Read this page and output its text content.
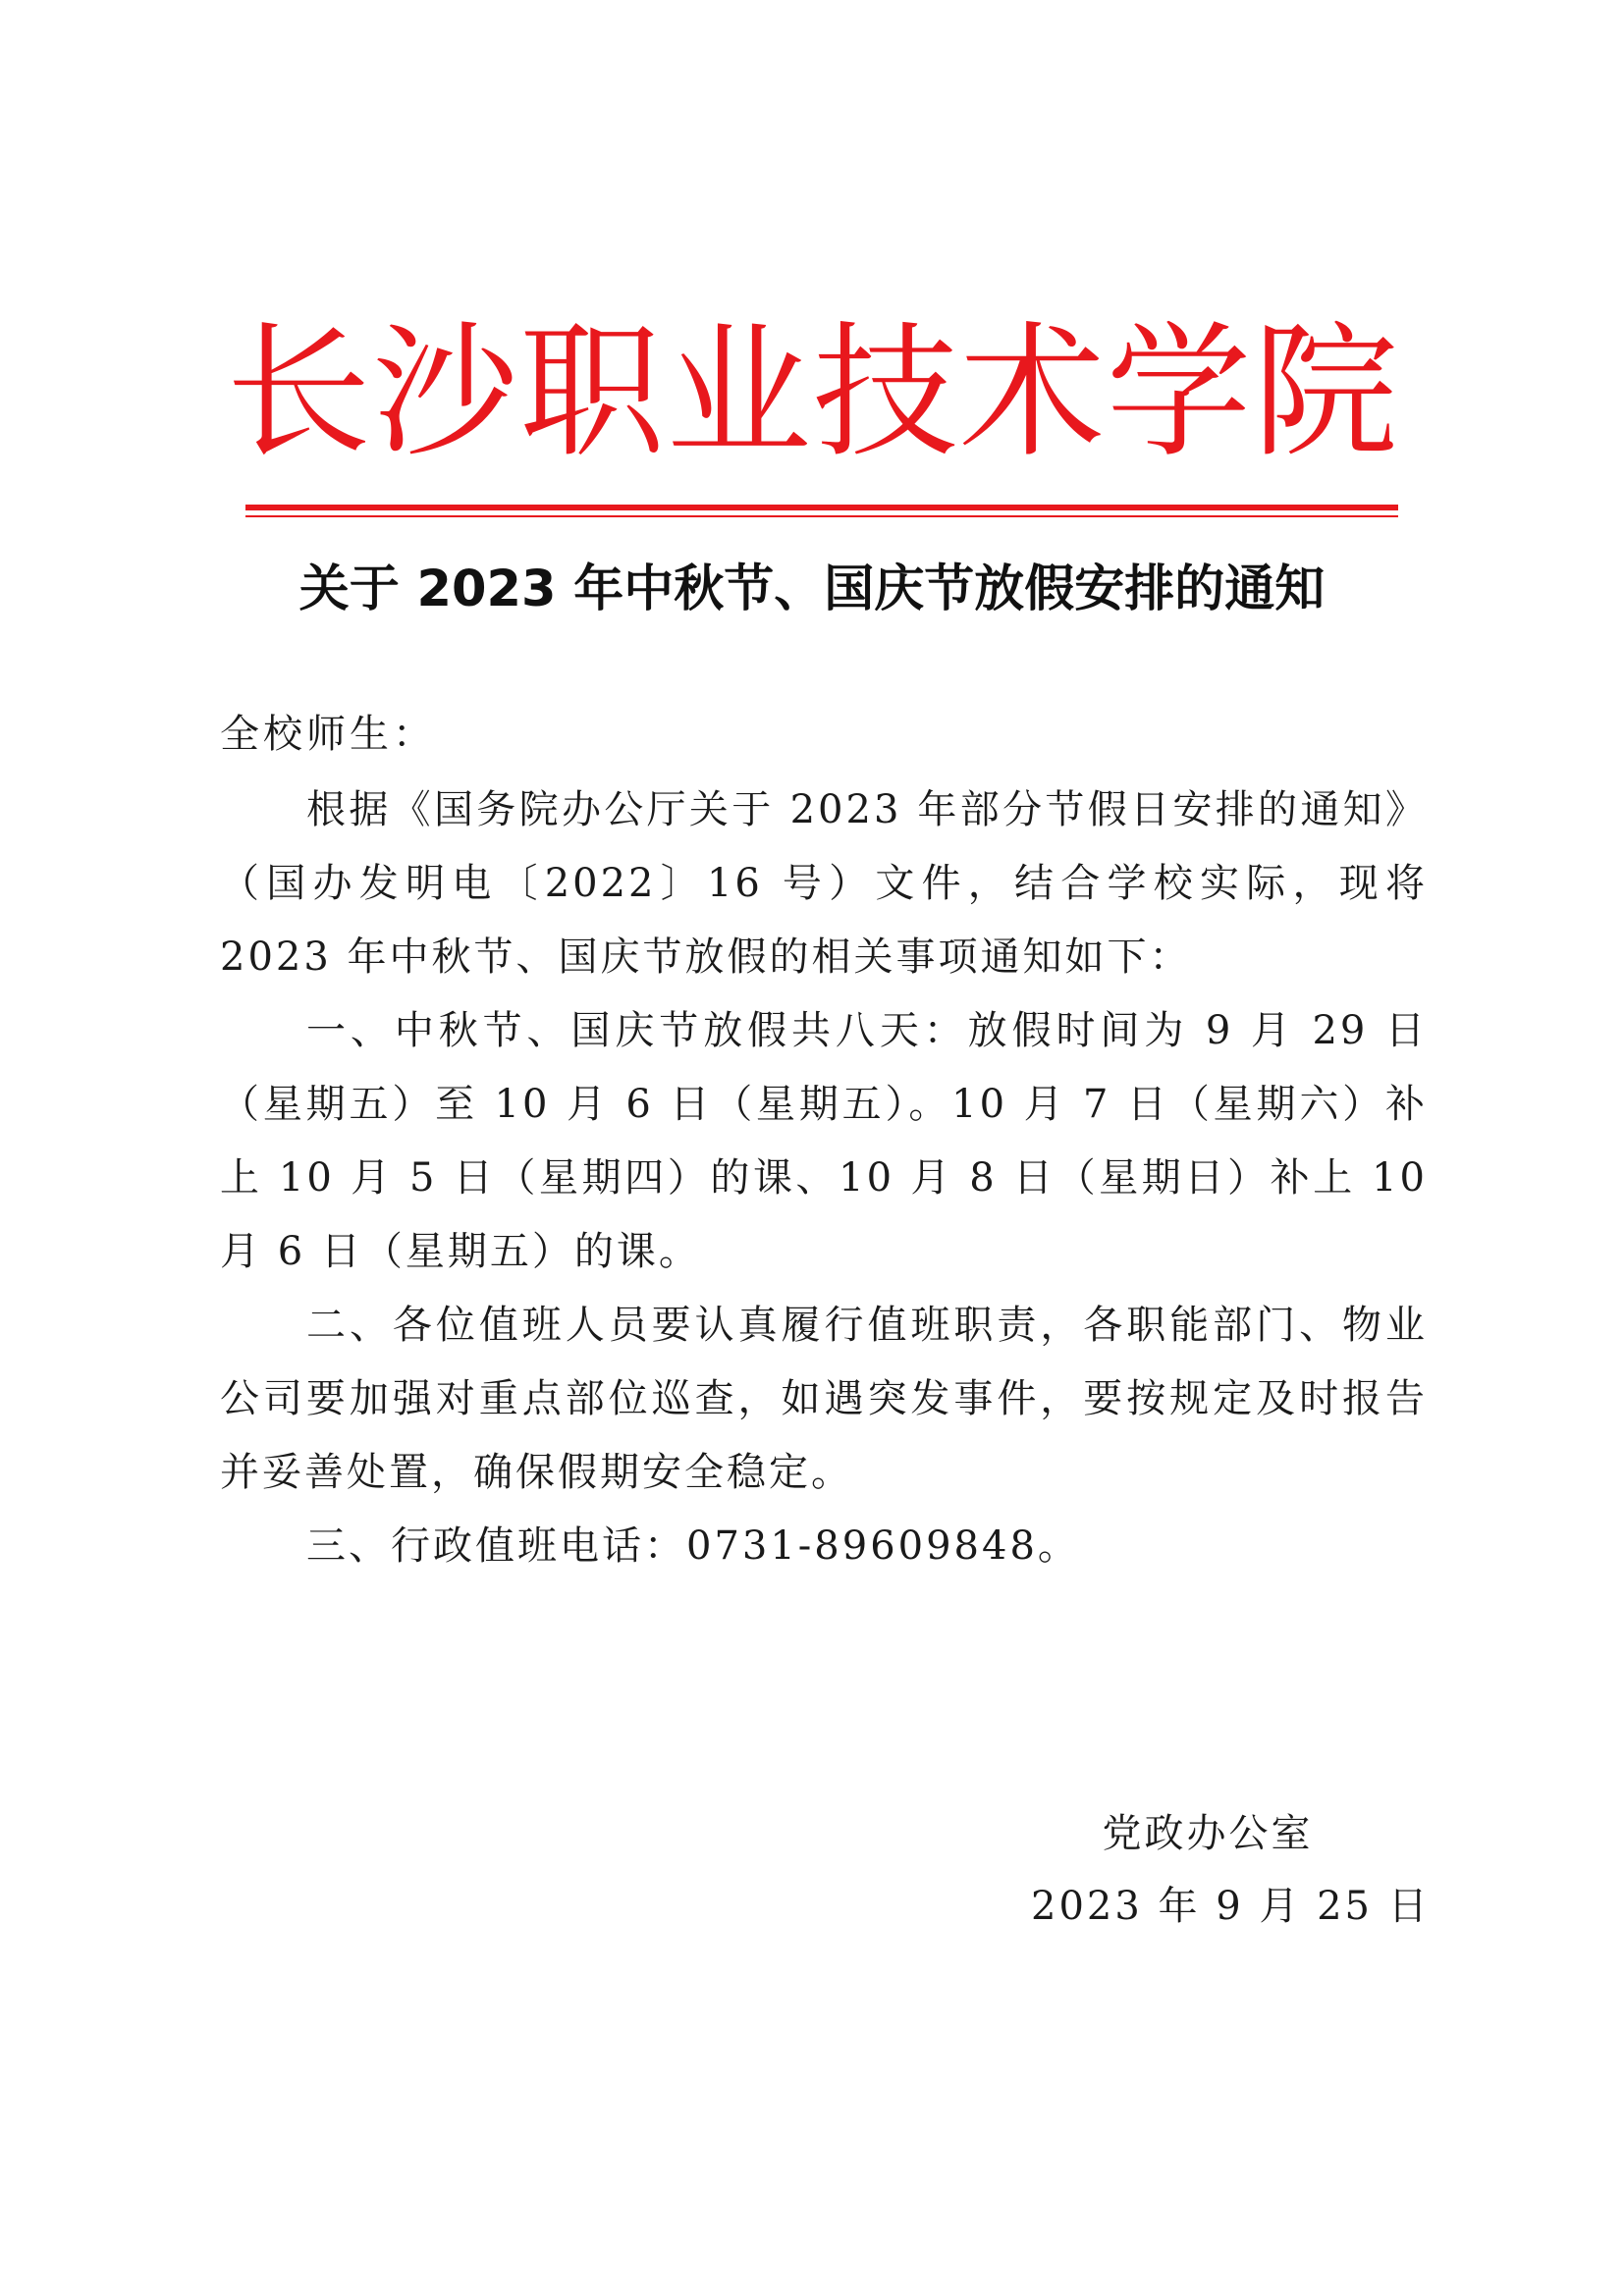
长 沙 职 业 技 术 学 院
关于 2023 年中秋节、国庆节放假安排的通知

全校师生：

根据《国务院办公厅关于 2023 年部分节假日安排的通知》（国办发明电〔2022〕16 号）文件，结合学校实际，现将 2023 年中秋节、国庆节放假的相关事项通知如下：

一、中秋节、国庆节放假共八天：放假时间为 9 月 29 日（星期五）至 10 月 6 日（星期五）。10 月 7 日（星期六）补上 10 月 5 日（星期四）的课、10 月 8 日（星期日）补上 10 月 6 日（星期五）的课。

二、各位值班人员要认真履行值班职责，各职能部门、物业公司要加强对重点部位巡查，如遇突发事件，要按规定及时报告并妥善处置，确保假期安全稳定。

三、行政值班电话：0731-89609848。

党政办公室

2023 年 9 月 25 日
